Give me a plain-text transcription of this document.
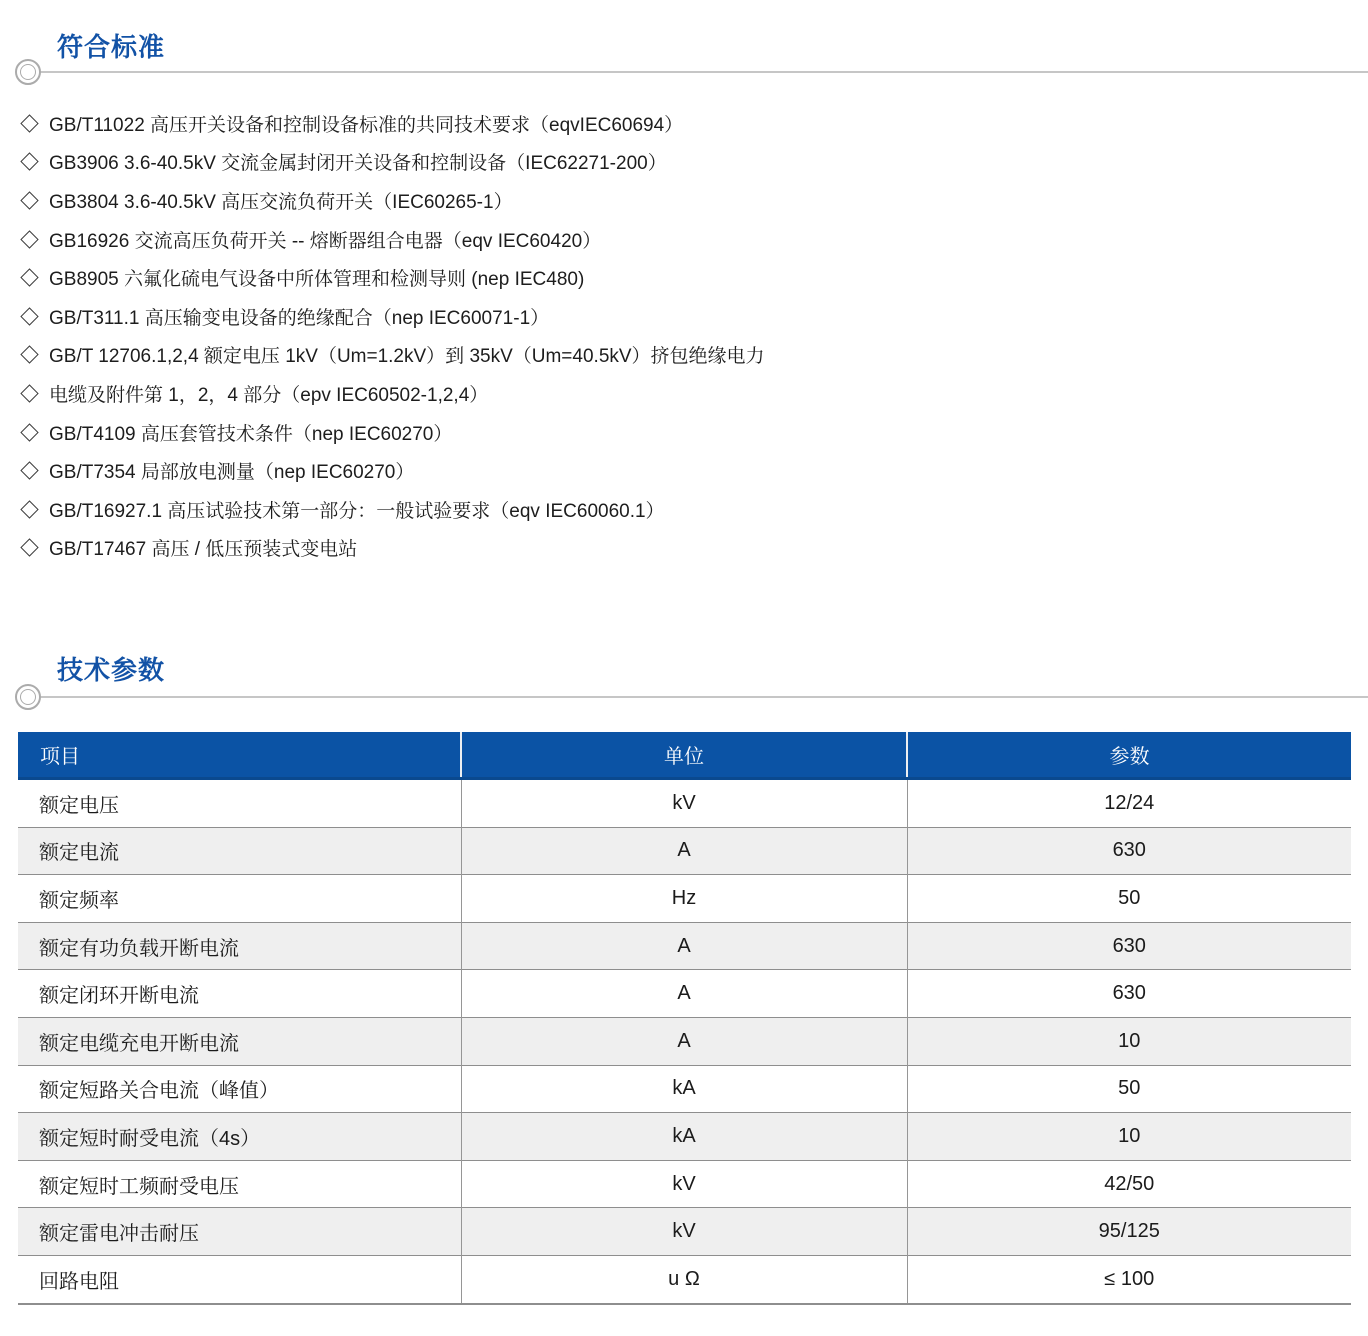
符合标准
GB/T11022 高压开关设备和控制设备标准的共同技术要求（eqvIEC60694）
GB3906 3.6-40.5kV 交流金属封闭开关设备和控制设备（IEC62271-200）
GB3804 3.6-40.5kV 高压交流负荷开关（IEC60265-1）
GB16926 交流高压负荷开关 -- 熔断器组合电器（eqv IEC60420）
GB8905 六氟化硫电气设备中所体管理和检测导则 (nep IEC480)
GB/T311.1 高压输变电设备的绝缘配合（nep IEC60071-1）
GB/T 12706.1,2,4 额定电压 1kV（Um=1.2kV）到 35kV（Um=40.5kV）挤包绝缘电力
电缆及附件第 1，2，4 部分（epv IEC60502-1,2,4）
GB/T4109 高压套管技术条件（nep IEC60270）
GB/T7354 局部放电测量（nep IEC60270）
GB/T16927.1 高压试验技术第一部分：一般试验要求（eqv IEC60060.1）
GB/T17467 高压 / 低压预装式变电站
技术参数
项目	单位	参数
额定电压	kV	12/24
额定电流	A	630
额定频率	Hz	50
额定有功负载开断电流	A	630
额定闭环开断电流	A	630
额定电缆充电开断电流	A	10
额定短路关合电流（峰值）	kA	50
额定短时耐受电流（4s）	kA	10
额定短时工频耐受电压	kV	42/50
额定雷电冲击耐压	kV	95/125
回路电阻	u Ω	≤ 100
